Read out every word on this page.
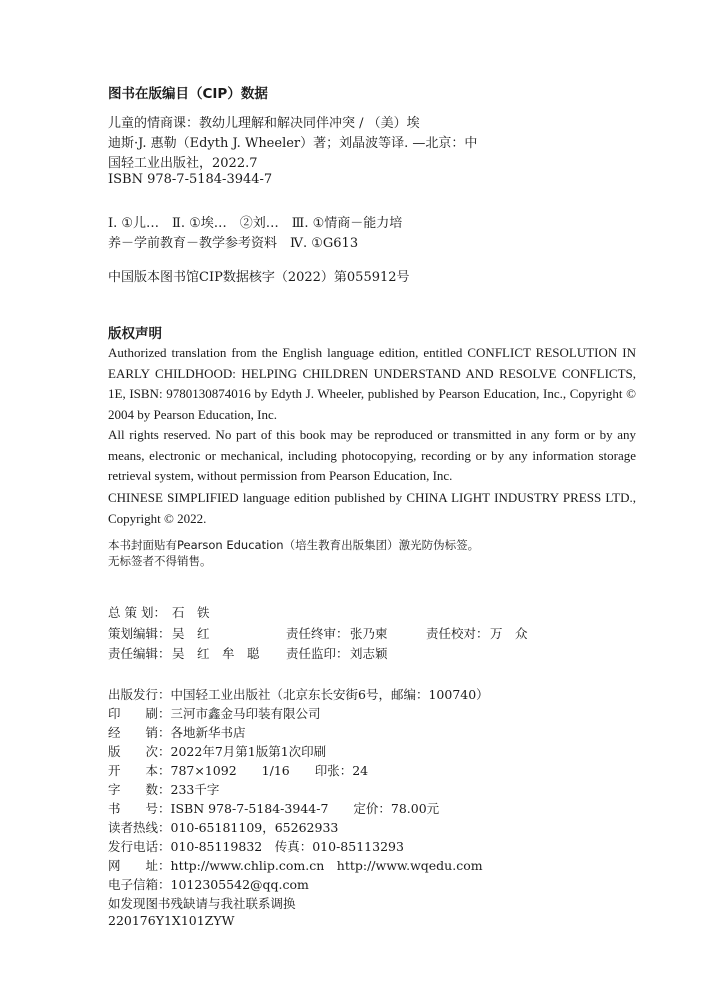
图书在版编目（CIP）数据
儿童的情商课：教幼儿理解和解决同伴冲突 / （美）埃
迪斯·J. 惠勒（Edyth J. Wheeler）著；刘晶波等译. —北京：中
国轻工业出版社，2022.7
ISBN 978-7-5184-3944-7
Ⅰ. ①儿…　Ⅱ. ①埃…　②刘…　Ⅲ. ①情商－能力培
养－学前教育－教学参考资料　Ⅳ. ①G613
中国版本图书馆CIP数据核字（2022）第055912号
版权声明
Authorized translation from the English language edition, entitled CONFLICT RESOLUTION IN EARLY CHILDHOOD: HELPING CHILDREN UNDERSTAND AND RESOLVE CONFLICTS, 1E, ISBN: 9780130874016 by Edyth J. Wheeler, published by Pearson Education, Inc., Copyright © 2004 by Pearson Education, Inc.
All rights reserved. No part of this book may be reproduced or transmitted in any form or by any means, electronic or mechanical, including photocopying, recording or by any information storage retrieval system, without permission from Pearson Education, Inc.
CHINESE SIMPLIFIED language edition published by CHINA LIGHT INDUSTRY PRESS LTD., Copyright © 2022.
本书封面贴有Pearson Education（培生教育出版集团）激光防伪标签。
无标签者不得销售。
总 策 划： 石　铁
策划编辑： 吴　红	责任终审： 张乃柬	责任校对： 万　众
责任编辑： 吴　红　牟　聪 责任监印： 刘志颖
出版发行：中国轻工业出版社（北京东长安街6号，邮编：100740）
印　　刷：三河市鑫金马印装有限公司
经　　销：各地新华书店
版　　次：2022年7月第1版第1次印刷
开　　本：787×1092　　1/16　　印张：24
字　　数：233千字
书　　号：ISBN 978-7-5184-3944-7　　定价：78.00元
读者热线：010-65181109，65262933
发行电话：010-85119832　传真：010-85113293
网　　址：http://www.chlip.com.cn　http://www.wqedu.com
电子信箱：1012305542@qq.com
如发现图书残缺请与我社联系调换
220176Y1X101ZYW
